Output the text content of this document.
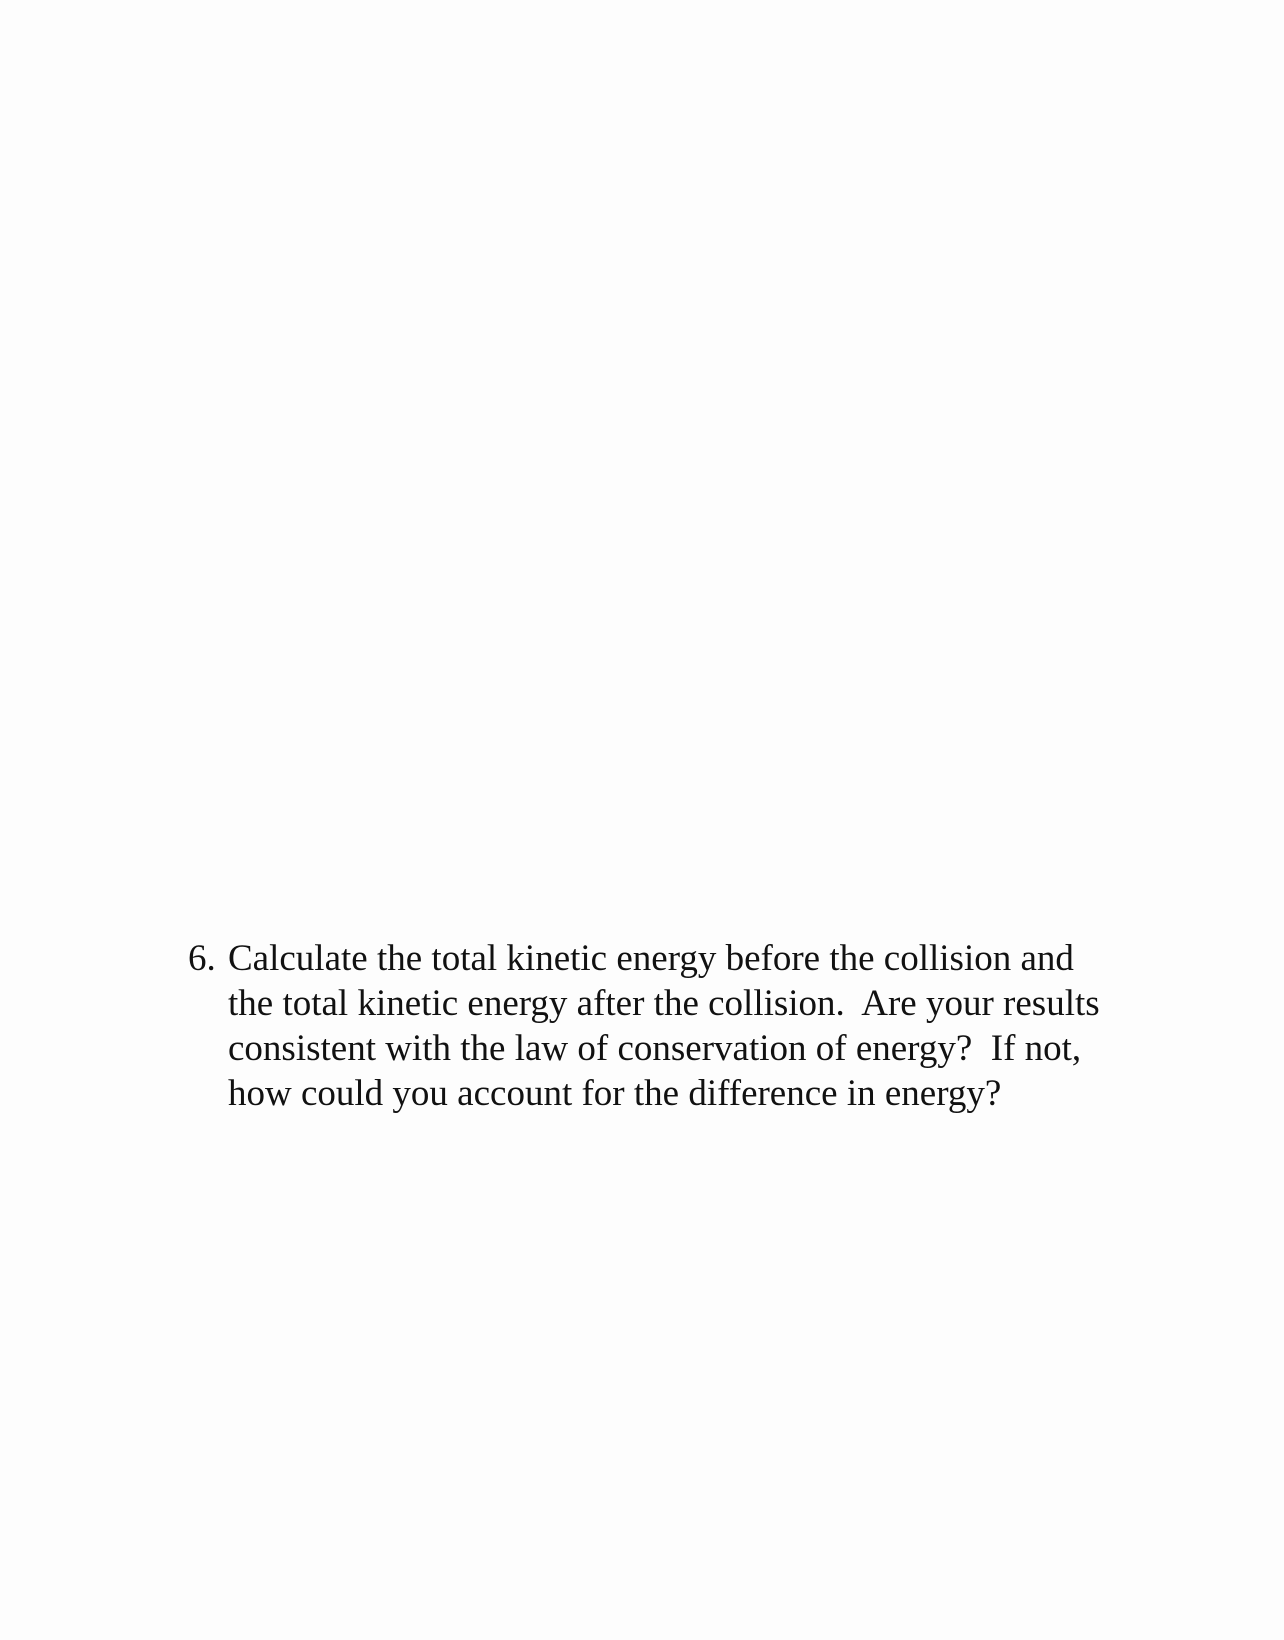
6. Calculate the total kinetic energy before the collision and
the total kinetic energy after the collision.  Are your results
consistent with the law of conservation of energy?  If not,
how could you account for the difference in energy?
